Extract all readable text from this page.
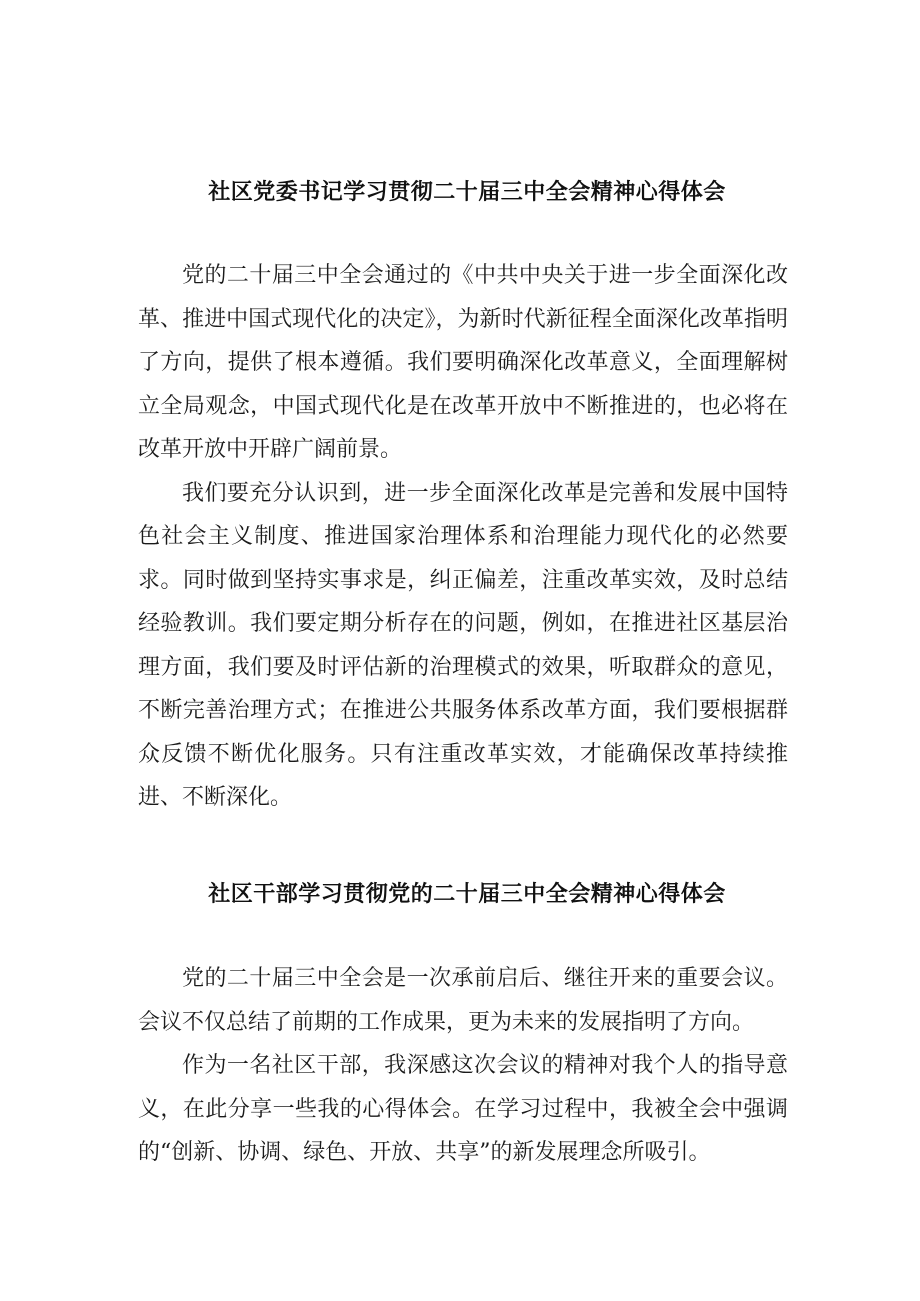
社区党委书记学习贯彻二十届三中全会精神心得体会

党的二十届三中全会通过的《中共中央关于进一步全面深化改革、推进中国式现代化的决定》，为新时代新征程全面深化改革指明了方向，提供了根本遵循。我们要明确深化改革意义，全面理解树立全局观念，中国式现代化是在改革开放中不断推进的，也必将在改革开放中开辟广阔前景。

我们要充分认识到，进一步全面深化改革是完善和发展中国特色社会主义制度、推进国家治理体系和治理能力现代化的必然要求。同时做到坚持实事求是，纠正偏差，注重改革实效，及时总结经验教训。我们要定期分析存在的问题，例如，在推进社区基层治理方面，我们要及时评估新的治理模式的效果，听取群众的意见，不断完善治理方式；在推进公共服务体系改革方面，我们要根据群众反馈不断优化服务。只有注重改革实效，才能确保改革持续推进、不断深化。

社区干部学习贯彻党的二十届三中全会精神心得体会

党的二十届三中全会是一次承前启后、继往开来的重要会议。会议不仅总结了前期的工作成果，更为未来的发展指明了方向。

作为一名社区干部，我深感这次会议的精神对我个人的指导意义，在此分享一些我的心得体会。在学习过程中，我被全会中强调的“创新、协调、绿色、开放、共享”的新发展理念所吸引。
